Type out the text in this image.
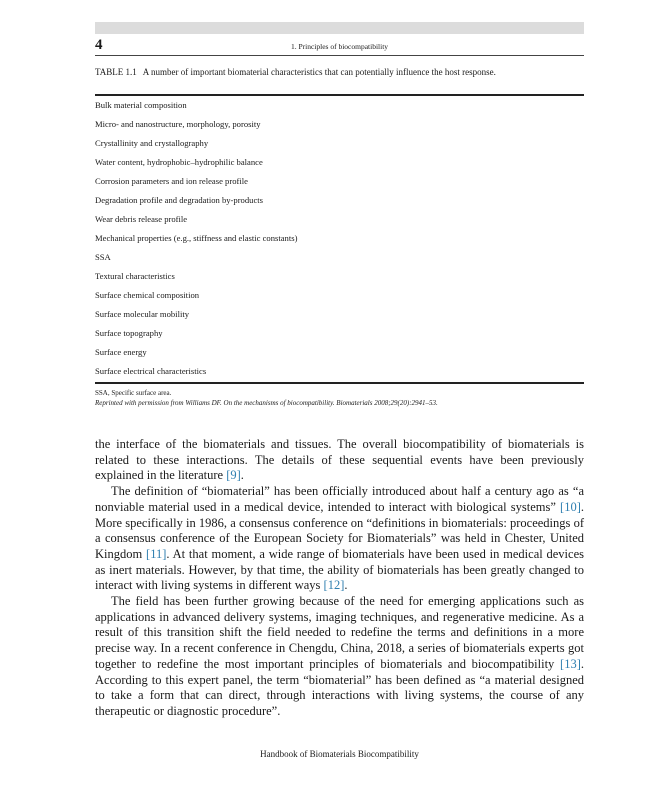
4	1. Principles of biocompatibility
TABLE 1.1 A number of important biomaterial characteristics that can potentially influence the host response.
Bulk material composition
Micro- and nanostructure, morphology, porosity
Crystallinity and crystallography
Water content, hydrophobic–hydrophilic balance
Corrosion parameters and ion release profile
Degradation profile and degradation by-products
Wear debris release profile
Mechanical properties (e.g., stiffness and elastic constants)
SSA
Textural characteristics
Surface chemical composition
Surface molecular mobility
Surface topography
Surface energy
Surface electrical characteristics
SSA, Specific surface area.
Reprinted with permission from Williams DF. On the mechanisms of biocompatibility. Biomaterials 2008;29(20):2941–53.

the interface of the biomaterials and tissues. The overall biocompatibility of biomaterials is related to these interactions. The details of these sequential events have been previously explained in the literature [9].

The definition of “biomaterial” has been officially introduced about half a century ago as “a nonviable material used in a medical device, intended to interact with biological systems” [10]. More specifically in 1986, a consensus conference on “definitions in biomaterials: proceedings of a consensus conference of the European Society for Biomaterials” was held in Chester, United Kingdom [11]. At that moment, a wide range of biomaterials have been used in medical devices as inert materials. However, by that time, the ability of biomaterials has been greatly changed to interact with living systems in different ways [12].

The field has been further growing because of the need for emerging applications such as applications in advanced delivery systems, imaging techniques, and regenerative medicine. As a result of this transition shift the field needed to redefine the terms and definitions in a more precise way. In a recent conference in Chengdu, China, 2018, a series of biomaterials experts got together to redefine the most important principles of biomaterials and biocompatibility [13]. According to this expert panel, the term “biomaterial” has been defined as “a material designed to take a form that can direct, through interactions with living systems, the course of any therapeutic or diagnostic procedure”.

Handbook of Biomaterials Biocompatibility
